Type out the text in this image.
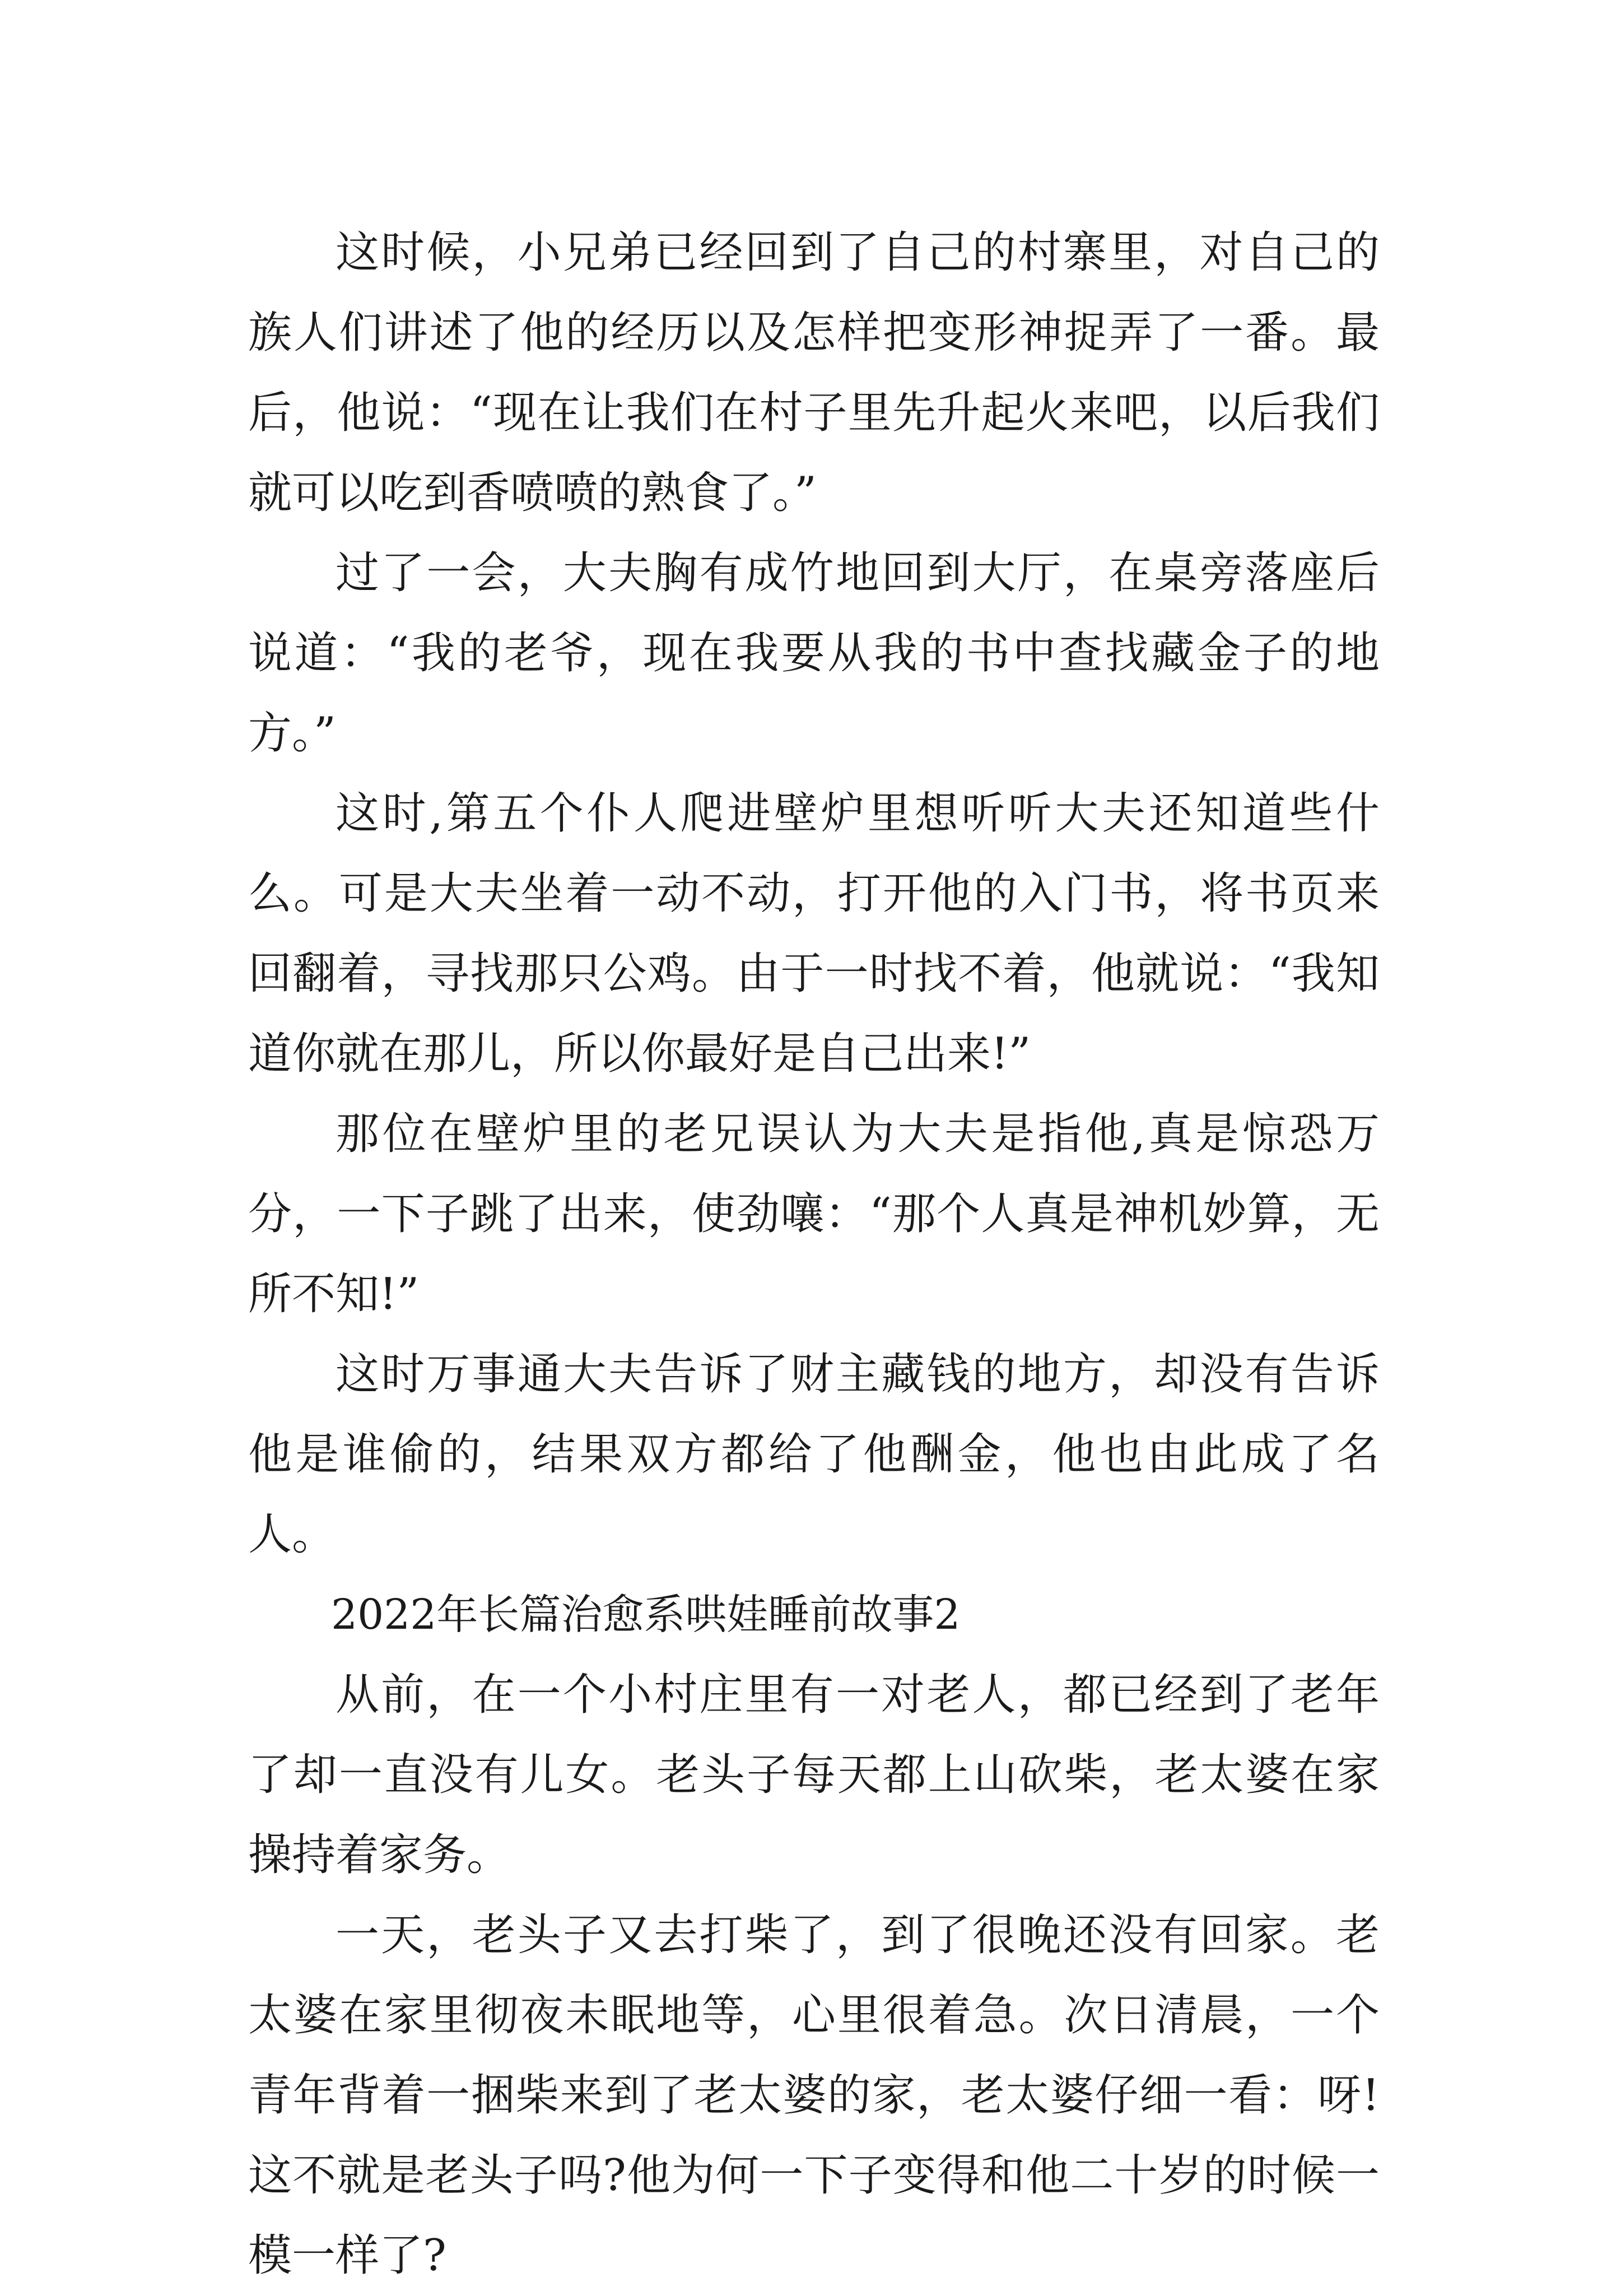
这时候，小兄弟已经回到了自己的村寨里，对自己的族人们讲述了他的经历以及怎样把变形神捉弄了一番。最后，他说：“现在让我们在村子里先升起火来吧，以后我们就可以吃到香喷喷的熟食了。”

过了一会，大夫胸有成竹地回到大厅，在桌旁落座后说道：“我的老爷，现在我要从我的书中查找藏金子的地方。”

这时,第五个仆人爬进壁炉里想听听大夫还知道些什么。可是大夫坐着一动不动，打开他的入门书，将书页来回翻着，寻找那只公鸡。由于一时找不着，他就说：“我知道你就在那儿，所以你最好是自己出来!”

那位在壁炉里的老兄误认为大夫是指他,真是惊恐万分，一下子跳了出来，使劲嚷：“那个人真是神机妙算，无所不知!”

这时万事通大夫告诉了财主藏钱的地方，却没有告诉他是谁偷的，结果双方都给了他酬金，他也由此成了名人。

2022年长篇治愈系哄娃睡前故事2

从前，在一个小村庄里有一对老人，都已经到了老年了却一直没有儿女。老头子每天都上山砍柴，老太婆在家操持着家务。

一天，老头子又去打柴了，到了很晚还没有回家。老太婆在家里彻夜未眠地等，心里很着急。次日清晨，一个青年背着一捆柴来到了老太婆的家，老太婆仔细一看：呀!这不就是老头子吗?他为何一下子变得和他二十岁的时候一模一样了?
